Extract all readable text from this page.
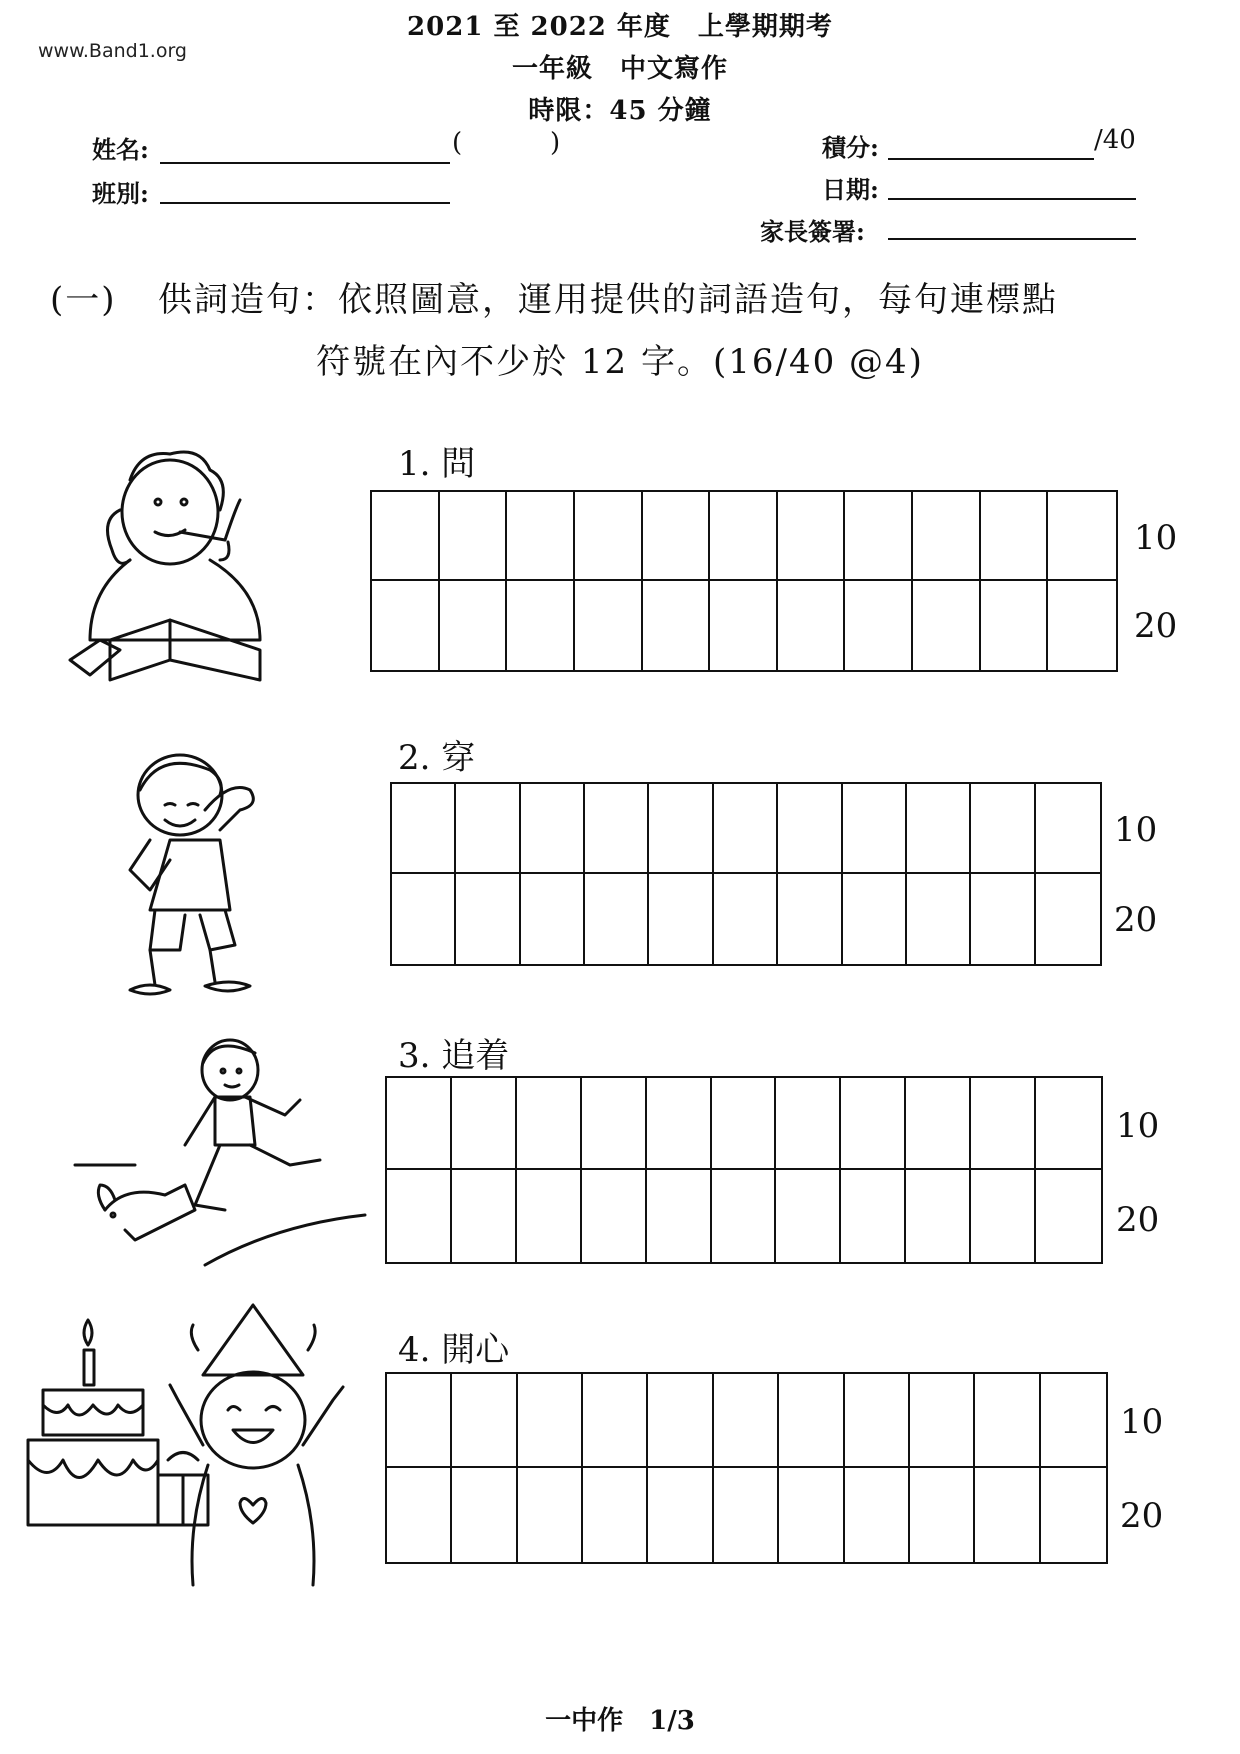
www.Band1.org
2021 至 2022 年度　上學期期考
一年級　中文寫作
時限：45 分鐘
姓名:	(	)
班別:
積分:	/40
日期:
家長簽署:
(一) 供詞造句：依照圖意，運用提供的詞語造句，每句連標點
符號在內不少於 12 字。(16/40 @4)
1. 問
10
20
2. 穿
10
20
3. 追着
10
20
4. 開心
10
20
一中作　1/3
